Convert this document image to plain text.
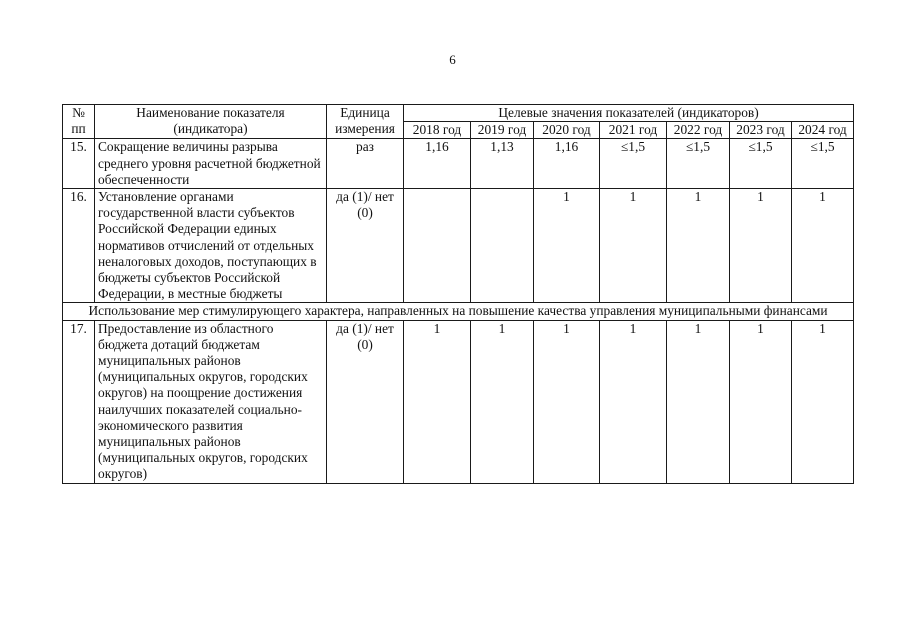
6
№ пп	Наименование показателя (индикатора)	Единица измерения	Целевые значения показателей (индикаторов)						
			2018 год	2019 год	2020 год	2021 год	2022 год	2023 год	2024 год
15.	Сокращение величины разрыва среднего уровня расчетной бюджетной обеспеченности	раз	1,16	1,13	1,16	≤1,5	≤1,5	≤1,5	≤1,5
16.	Установление органами государственной власти субъектов Российской Федерации единых нормативов отчислений от отдельных неналоговых доходов, поступающих в бюджеты субъектов Российской Федерации, в местные бюджеты	да (1)/ нет (0)			1	1	1	1	1
Использование мер стимулирующего характера, направленных на повышение качества управления муниципальными финансами									
17.	Предоставление из областного бюджета дотаций бюджетам муниципальных районов (муниципальных округов, городских округов) на поощрение достижения наилучших показателей социально-экономического развития муниципальных районов (муниципальных округов, городских округов)	да (1)/ нет (0)	1	1	1	1	1	1	1
